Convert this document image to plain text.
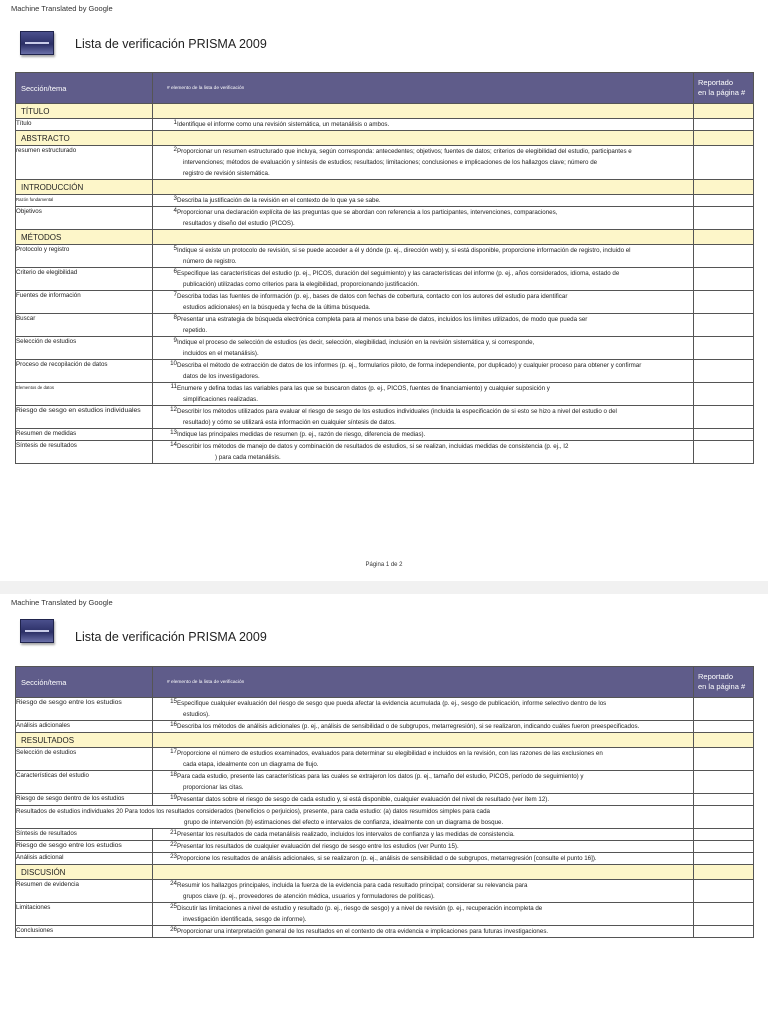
Machine Translated by Google
Lista de verificación PRISMA 2009
Sección/tema	# elemento de la lista de verificación	Reportado
en la página #

TÍTULO		
Título	1 Identifique el informe como una revisión sistemática, un metanálisis o ambos.	

ABSTRACTO		
resumen estructurado	2 Proporcionar un resumen estructurado que incluya, según corresponda: antecedentes; objetivos; fuentes de datos; criterios de elegibilidad del estudio, participantes e
intervenciones; métodos de evaluación y síntesis de estudios; resultados; limitaciones; conclusiones e implicaciones de los hallazgos clave; número de
registro de revisión sistemática.	

INTRODUCCIÓN		
Razón fundamental	3 Describa la justificación de la revisión en el contexto de lo que ya se sabe.	

Objetivos	4 Proporcionar una declaración explícita de las preguntas que se abordan con referencia a los participantes, intervenciones, comparaciones,
resultados y diseño del estudio (PICOS).	

MÉTODOS		
Protocolo y registro	5 Indique si existe un protocolo de revisión, si se puede acceder a él y dónde (p. ej., dirección web) y, si está disponible, proporcione información de registro, incluido el
número de registro.	

Criterio de elegibilidad	6 Especifique las características del estudio (p. ej., PICOS, duración del seguimiento) y las características del informe (p. ej., años considerados, idioma, estado de
publicación) utilizadas como criterios para la elegibilidad, proporcionando justificación.	

Fuentes de información	7 Describa todas las fuentes de información (p. ej., bases de datos con fechas de cobertura, contacto con los autores del estudio para identificar
estudios adicionales) en la búsqueda y fecha de la última búsqueda.	

Buscar	8 Presentar una estrategia de búsqueda electrónica completa para al menos una base de datos, incluidos los límites utilizados, de modo que pueda ser
repetido.	

Selección de estudios	9 Indique el proceso de selección de estudios (es decir, selección, elegibilidad, inclusión en la revisión sistemática y, si corresponde,
incluidos en el metanálisis).	

Proceso de recopilación de datos	10 Describa el método de extracción de datos de los informes (p. ej., formularios piloto, de forma independiente, por duplicado) y cualquier proceso para obtener y confirmar
datos de los investigadores.	

Elementos de datos	11 Enumere y defina todas las variables para las que se buscaron datos (p. ej., PICOS, fuentes de financiamiento) y cualquier suposición y
simplificaciones realizadas.	

Riesgo de sesgo en estudios individuales	12 Describir los métodos utilizados para evaluar el riesgo de sesgo de los estudios individuales (incluida la especificación de si esto se hizo a nivel del estudio o del
resultado) y cómo se utilizará esta información en cualquier síntesis de datos.	

Resumen de medidas	13 Indique las principales medidas de resumen (p. ej., razón de riesgo, diferencia de medias).	

Síntesis de resultados	14 Describir los métodos de manejo de datos y combinación de resultados de estudios, si se realizan, incluidas medidas de consistencia (p. ej., I2
) para cada metanálisis.	

Página 1 de 2
Machine Translated by Google
Lista de verificación PRISMA 2009
Sección/tema	# elemento de la lista de verificación	Reportado
en la página #

Riesgo de sesgo entre los estudios	15 Especifique cualquier evaluación del riesgo de sesgo que pueda afectar la evidencia acumulada (p. ej., sesgo de publicación, informe selectivo dentro de los
estudios).	

Análisis adicionales	16 Describa los métodos de análisis adicionales (p. ej., análisis de sensibilidad o de subgrupos, metarregresión), si se realizaron, indicando cuáles fueron preespecificados.	

RESULTADOS		
Selección de estudios	17 Proporcione el número de estudios examinados, evaluados para determinar su elegibilidad e incluidos en la revisión, con las razones de las exclusiones en
cada etapa, idealmente con un diagrama de flujo.	

Características del estudio	18 Para cada estudio, presente las características para las cuales se extrajeron los datos (p. ej., tamaño del estudio, PICOS, período de seguimiento) y
proporcionar las citas.	

Riesgo de sesgo dentro de los estudios	19 Presentar datos sobre el riesgo de sesgo de cada estudio y, si está disponible, cualquier evaluación del nivel de resultado (ver ítem 12).	

Resultados de estudios individuales 20 Para todos los resultados considerados (beneficios o perjuicios), presente, para cada estudio: (a) datos resumidos simples para cada
grupo de intervención (b) estimaciones del efecto e intervalos de confianza, idealmente con un diagrama de bosque.		

Síntesis de resultados	21 Presentar los resultados de cada metanálisis realizado, incluidos los intervalos de confianza y las medidas de consistencia.	

Riesgo de sesgo entre los estudios	22 Presentar los resultados de cualquier evaluación del riesgo de sesgo entre los estudios (ver Punto 15).	

Análisis adicional	23 Proporcione los resultados de análisis adicionales, si se realizaron (p. ej., análisis de sensibilidad o de subgrupos, metarregresión [consulte el punto 16]).	

DISCUSIÓN		
Resumen de evidencia	24 Resumir los hallazgos principales, incluida la fuerza de la evidencia para cada resultado principal; considerar su relevancia para
grupos clave (p. ej., proveedores de atención médica, usuarios y formuladores de políticas).	

Limitaciones	25 Discutir las limitaciones a nivel de estudio y resultado (p. ej., riesgo de sesgo) y a nivel de revisión (p. ej., recuperación incompleta de
investigación identificada, sesgo de informe).	

Conclusiones	26 Proporcionar una interpretación general de los resultados en el contexto de otra evidencia e implicaciones para futuras investigaciones.	
